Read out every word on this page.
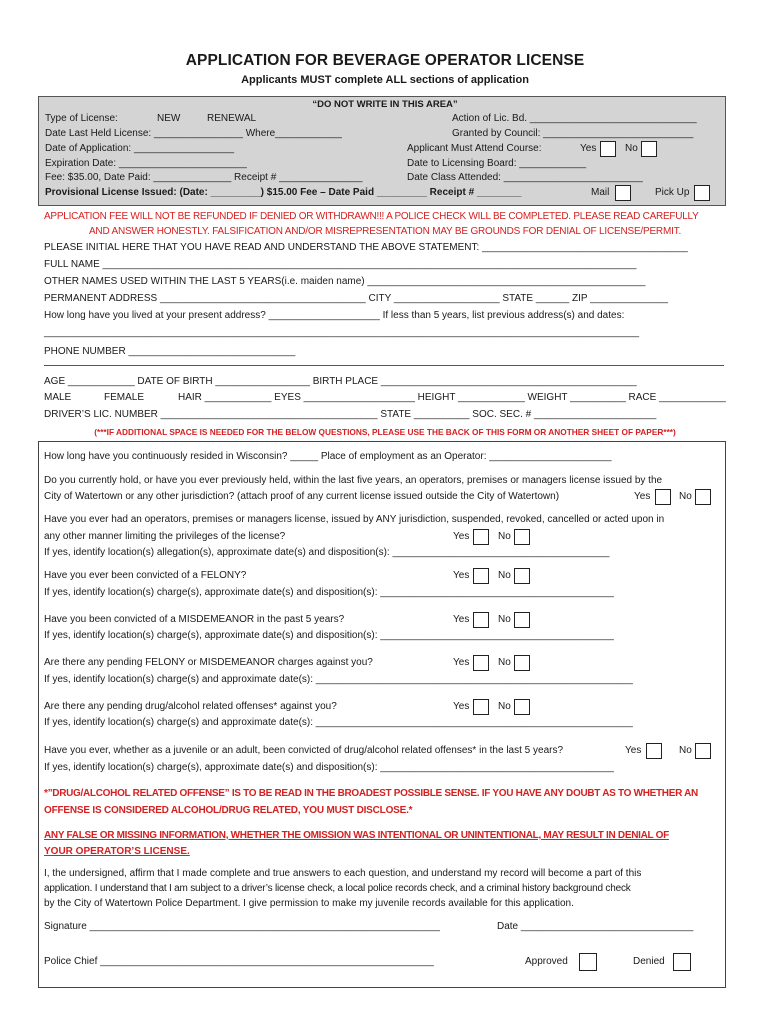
APPLICATION FOR BEVERAGE OPERATOR LICENSE
Applicants MUST complete ALL sections of application
“DO NOT WRITE IN THIS AREA”
Type of License:	NEW	RENEWAL	Action of Lic. Bd. ______________________________
Date Last Held License: ________________ Where____________	Granted by Council: ___________________________
Date of Application: __________________	Applicant Must Attend Course:	Yes	No
Expiration Date: _______________________	Date to Licensing Board: ____________
Fee: $35.00, Date Paid: ______________ Receipt # _______________	Date Class Attended: _________________________
Provisional License Issued: (Date: _________) $15.00 Fee – Date Paid _________ Receipt # ________	Mail	Pick Up
APPLICATION FEE WILL NOT BE REFUNDED IF DENIED OR WITHDRAWN!!! A POLICE CHECK WILL BE COMPLETED. PLEASE READ CAREFULLY
AND ANSWER HONESTLY. FALSIFICATION AND/OR MISREPRESENTATION MAY BE GROUNDS FOR DENIAL OF LICENSE/PERMIT.
PLEASE INITIAL HERE THAT YOU HAVE READ AND UNDERSTAND THE ABOVE STATEMENT: _____________________________________
FULL NAME ________________________________________________________________________________________________
OTHER NAMES USED WITHIN THE LAST 5 YEARS(i.e. maiden name) __________________________________________________
PERMANENT ADDRESS _____________________________________ CITY ___________________ STATE ______ ZIP ______________
How long have you lived at your present address? ____________________ If less than 5 years, list previous address(s) and dates:
___________________________________________________________________________________________________________
PHONE NUMBER ______________________________
AGE ____________ DATE OF BIRTH _________________ BIRTH PLACE ______________________________________________
MALE	FEMALE	HAIR ____________ EYES ____________________ HEIGHT ____________ WEIGHT __________ RACE ____________
DRIVER’S LIC. NUMBER _______________________________________ STATE __________ SOC. SEC. # ______________________
(***IF ADDITIONAL SPACE IS NEEDED FOR THE BELOW QUESTIONS, PLEASE USE THE BACK OF THIS FORM OR ANOTHER SHEET OF PAPER***)
How long have you continuously resided in Wisconsin? _____ Place of employment as an Operator: ______________________
Do you currently hold, or have you ever previously held, within the last five years, an operators, premises or managers license issued by the
City of Watertown or any other jurisdiction? (attach proof of any current license issued outside the City of Watertown)	Yes	No
Have you ever had an operators, premises or managers license, issued by ANY jurisdiction, suspended, revoked, cancelled or acted upon in
any other manner limiting the privileges of the license?	Yes	No
If yes, identify location(s) allegation(s), approximate date(s) and disposition(s): _______________________________________
Have you ever been convicted of a FELONY?	Yes	No
If yes, identify location(s) charge(s), approximate date(s) and disposition(s): __________________________________________
Have you been convicted of a MISDEMEANOR in the past 5 years?	Yes	No
If yes, identify location(s) charge(s), approximate date(s) and disposition(s): __________________________________________
Are there any pending FELONY or MISDEMEANOR charges against you?	Yes	No
If yes, identify location(s) charge(s) and approximate date(s): _________________________________________________________
Are there any pending drug/alcohol related offenses* against you?	Yes	No
If yes, identify location(s) charge(s) and approximate date(s): _________________________________________________________
Have you ever, whether as a juvenile or an adult, been convicted of drug/alcohol related offenses* in the last 5 years?	Yes	No
If yes, identify location(s) charge(s), approximate date(s) and disposition(s): __________________________________________
*”DRUG/ALCOHOL RELATED OFFENSE” IS TO BE READ IN THE BROADEST POSSIBLE SENSE. IF YOU HAVE ANY DOUBT AS TO WHETHER AN
OFFENSE IS CONSIDERED ALCOHOL/DRUG RELATED, YOU MUST DISCLOSE.*
ANY FALSE OR MISSING INFORMATION, WHETHER THE OMISSION WAS INTENTIONAL OR UNINTENTIONAL, MAY RESULT IN DENIAL OF
YOUR OPERATOR’S LICENSE.
I, the undersigned, affirm that I made complete and true answers to each question, and understand my record will become a part of this
application. I understand that I am subject to a driver’s license check, a local police records check, and a criminal history background check
by the City of Watertown Police Department. I give permission to make my juvenile records available for this application.
Signature _______________________________________________________________	Date _______________________________
Police Chief ____________________________________________________________	Approved	Denied
